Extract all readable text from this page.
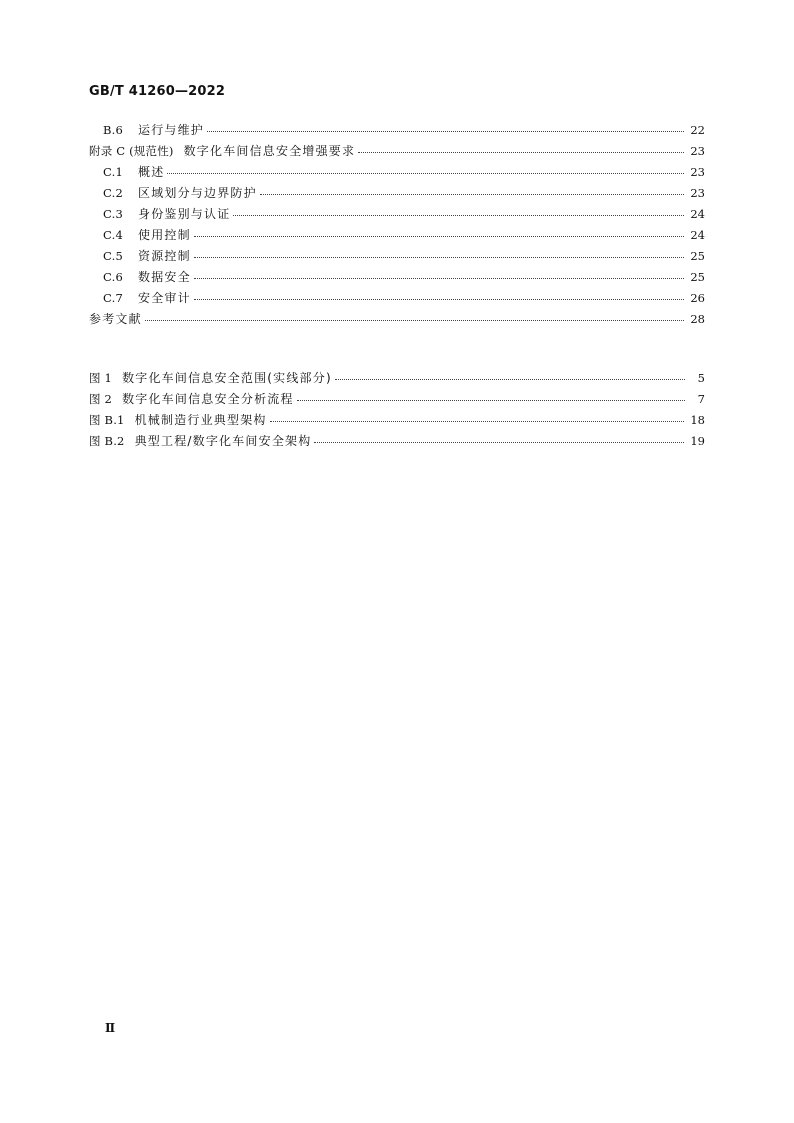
GB/T 41260—2022
B.6	运行与维护	22
附录 C (规范性) 数字化车间信息安全增强要求	23
C.1	概述	23
C.2	区域划分与边界防护	23
C.3	身份鉴别与认证	24
C.4	使用控制	24
C.5	资源控制	25
C.6	数据安全	25
C.7	安全审计	26
参考文献	28
图 1 数字化车间信息安全范围(实线部分)	5
图 2 数字化车间信息安全分析流程	7
图 B.1 机械制造行业典型架构	18
图 B.2 典型工程/数字化车间安全架构	19
Ⅱ
